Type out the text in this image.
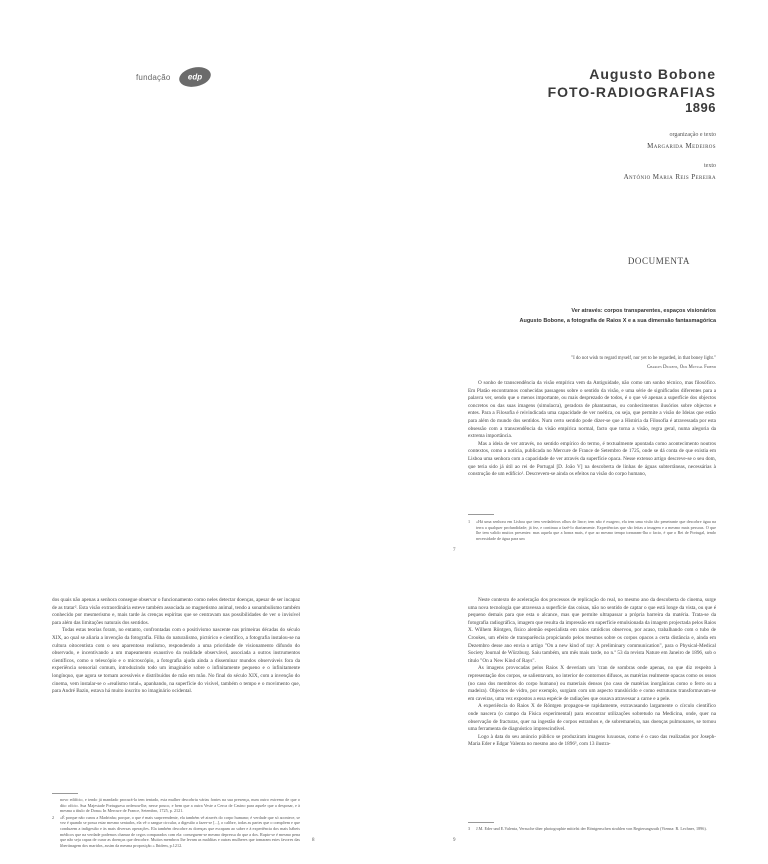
fundação edp	Augusto Bobone
FOTO-RADIOGRAFIAS
1896
organização e texto
Margarida Medeiros
texto
António Maria Reis Pereira
DOCUMENTA
Ver através: corpos transparentes, espaços visionários
Augusto Bobone, a fotografia de Raios X e a sua dimensão fantasmagórica
"I do not wish to regard myself, nor yet to be regarded, in that boney light."
Charles Dickens, Our Mutual Friend

O sonho de transcendência da visão empírica vem da Antiguidade, não como um sonho técnico, mas filosófico. Em Platão encontramos conhecidas passagens sobre o sentido da visão, e uma série de significados diferentes para a palavra ver, sendo que o menos importante, ou mais desprezado de todos, é o que vê apenas a superfície dos objectos concretos ou das suas imagens (simulacra), geradora de phantasmas, ou conhecimentos ilusórios sobre objectos e entes. Para a Filosofia é reivindicada uma capacidade de ver noética, ou seja, que permite a visão de Ideias que estão para além do mundo dos sentidos. Num certo sentido pode dizer-se que a História da Filosofia é atravessada por esta obsessão com a transcendência da visão empírica normal, facto que torna a visão, regra geral, numa alegoria da extrema importância.

Mas a ideia de ver através, no sentido empírico do termo, é textualmente apontada como acontecimento noutros contextos, como a notícia, publicada no Mercure de France de Setembro de 1725, onde se dá conta de que existia em Lisboa uma senhora com a capacidade de ver através da superfície opaca. Nesse extenso artigo descreve-se o seu dom, que teria sido já útil ao rei de Portugal [D. João V] na descoberta de linhas de águas subterrâneas, necessárias à construção de um edifício¹. Descrevem-se ainda os efeitos na visão do corpo humano,

1 «Há uma senhora em Lisboa que tem verdadeiros olhos de lince; tem não é exagero, ela tem uma visão tão penetrante que descobre água na terra a qualquer profundidade; já fez, e continua a fazê-lo diariamente. Experiências que são feitas a imagem e a mesmo mais pessoas. O que lhe tem valido muitos presentes: mas aquela que a honra mais, é que ao mesmo tempo tornaram-lha o facto, é que o Rei de Portugal, tendo necessidade de água para um

7

dos quais não apenas a senhora consegue observar o funcionamento como neles detectar doenças, apesar de ser incapaz de as tratar². Esta visão extraordinária esteve também associada ao magnetismo animal, tendo a sonambulismo também conhecido por mesmerismo e, mais tarde às crenças espíritas que se centravam nas possibilidades de ver o invisível para além das limitações naturais dos sentidos.

Todas estas teorias foram, no entanto, confrontadas com o positivismo nascente nas primeiras décadas do século XIX, ao qual se aliaria a invenção da fotografia. Filha do naturalismo, pictórico e científico, a fotografia instalou-se na cultura oitocentista com o seu aparentoso realismo, respondendo a uma prioridade de visionamento difundo do observado, e incentivando a um mapeamento exaustivo da realidade observável, associada a outros instrumentos científicos, como o telescópio e o microscópio, a fotografia ajuda ainda a disseminar mundos observáveis fora da experiência sensorial comum, introduzindo todo um imaginário sobre o infinitamente pequeno e o infinitamente longínquo, que agora se tornam acessíveis e distribuídos de mão em mão. No final do século XIX, com a invenção do cinema, vem instalar-se o «realismo total», apanhando, na superfície do visível, também o tempo e o movimento que, para André Bazin, estava há muito inscrito no imaginário ocidental.

novo edifício, e tendo já mandado procurá-la tem tentado, esta mulher descobriu várias fontes na sua presença, num outro extremo de que o dito ofício. Sua Majestade Portuguesa ordenou-lhe, nesse pouco, e bem que a outra Veste a Cerca de Casino para aquele que a desposar, e à mesma a título de Dona» In Mercure de France, Setembro, 1725, p. 2121.

2 «É porque não curou a Madrinha; porque, o que é mais surpreendente, ela também vê através do corpo humano; é verdade que só acontece, se vez é quando se possa estar mesmo sentados, ela vê o sangue circular, a digestão a fazer-se [...], o calibre, todas as partes que o compõem e que conduzem a indigestão e às mais diversas operações. Ela também descobre as doenças que escapam ao saber e à experiência dos mais hábeis médicos que na verdade podemos chamar de cegos comparados com ela: conseguem-se mesmo depressa do que a dos. Rapto-se é mesmo pena que não seja capaz de curar as doenças que descobre. Muitos membros lhe levam as malditas e outras mulheres que tomaram estes favores das libertinagem dos maridos, assim da mesma proposição.» Ibidem, p.1212.

8

Neste contexto de aceleração dos processos de replicação do real, no mesmo ano da descoberta do cinema, surge uma nova tecnologia que atravessa a superfície das coisas, não no sentido de captar o que está longe da vista, ou que é pequeno demais para que esta o alcance, mas que permite ultrapassar a própria barreira da matéria. Trata-se da fotografia radiográfica, imagem que resulta da impressão em superfície emulsionada da imagem projectada pelos Raios X. Wilhem Röntgen, físico alemão especialista em raios catódicos observou, por acaso, trabalhando com o tubo de Crookes, um efeito de transparência propiciando pelos mesmos sobre os corpos opacos a certa distância e, ainda em Dezembro desse ano envia o artigo "On a new kind of ray: A preliminary communication", para o Physical-Medical Society Journal de Würzburg. Saiu também, um mês mais tarde, no n.º 53 da revista Nature em Janeiro de 1896, sob o título "On a New Kind of Rays".

As imagens provocadas pelos Raios X deveriam um 'cran de sombras onde apenas, no que diz respeito à representação dos corpos, se salientavam, no interior de contornos difusos, as matérias realmente opacas como os ossos (no caso dos membros do corpo humano) ou materiais densos (no caso de matérias inorgânicas como o ferro ou a madeira). Objectos de vidro, por exemplo, surgiam com um aspecto translúcido e como estruturas transformavam-se em caveiras, uma vez expostos a essa espécie de radiações que ousava atravessar a carne e a pele.

A experiência do Raios X de Röntgen propagou-se rapidamente, extravasando largamente o círculo científico onde nascera (o campo da Física experimental) para encontrar utilizações sobretudo na Medicina, onde, quer na observação de fracturas, quer na ingestão de corpos estranhos e, de sobremaneira, nas doenças pulmonares, se tornou uma ferramenta de diagnóstico imprescindível.

Logo à data do seu anúncio público se produziram imagens luxuosas, como é o caso das realizadas por Joseph-Maria Eder e Edgar Valenta no mesmo ano de 1896³, com 13 ilustra-

3 J.M. Eder und E.Valenta, Versuche über photographie mittelst der Röntgenschen strahlen von Regierungsrath (Vienna: R. Lechner, 1896).

9
